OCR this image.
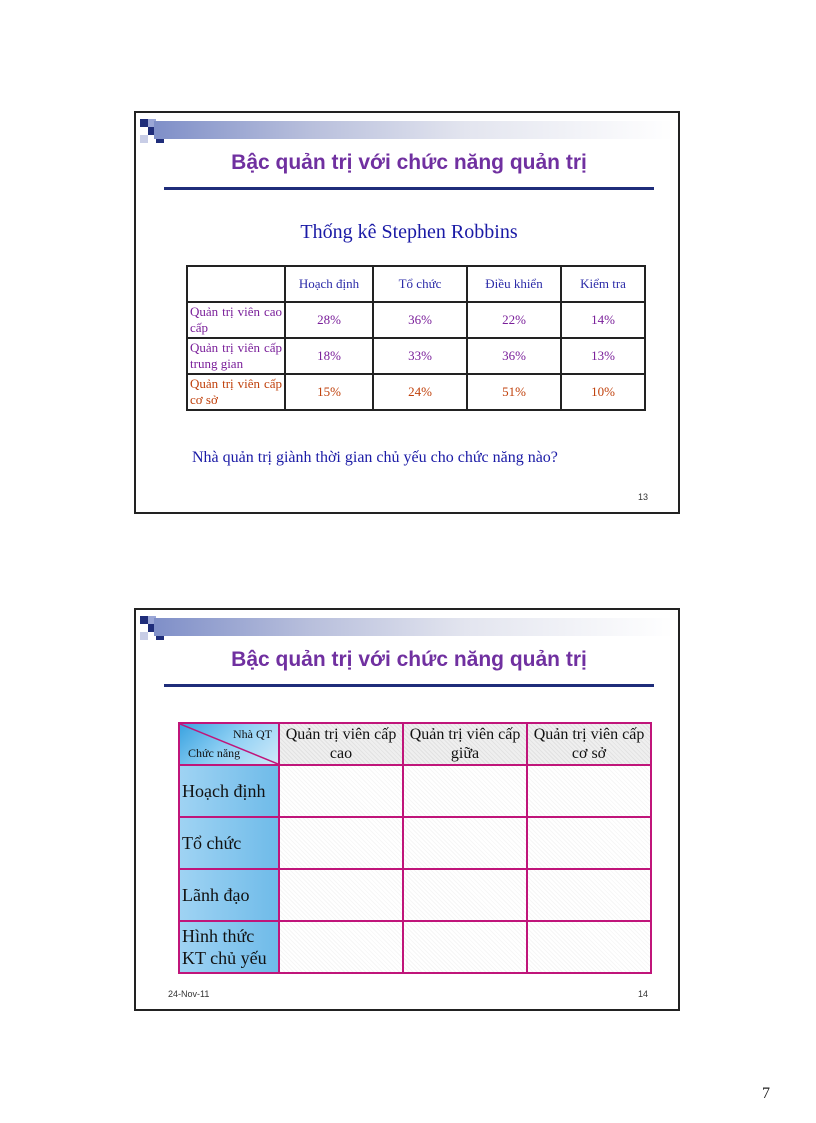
Bậc quản trị với chức năng quản trị
Thống kê Stephen Robbins
	Hoạch định	Tổ chức	Điều khiển	Kiểm tra
Quản trị viên cao cấp	28%	36%	22%	14%
Quản trị viên cấp trung gian	18%	33%	36%	13%
Quản trị viên cấp cơ sở	15%	24%	51%	10%
Nhà quản trị giành thời gian chủ yếu cho chức năng nào?
13
Bậc quản trị với chức năng quản trị
Nhà QT
Chức năng	Quản trị viên cấp cao	Quản trị viên cấp giữa	Quản trị viên cấp cơ sở
Hoạch định			
Tổ chức			
Lãnh đạo			
Hình thức KT chủ yếu			
24-Nov-11	14
7
